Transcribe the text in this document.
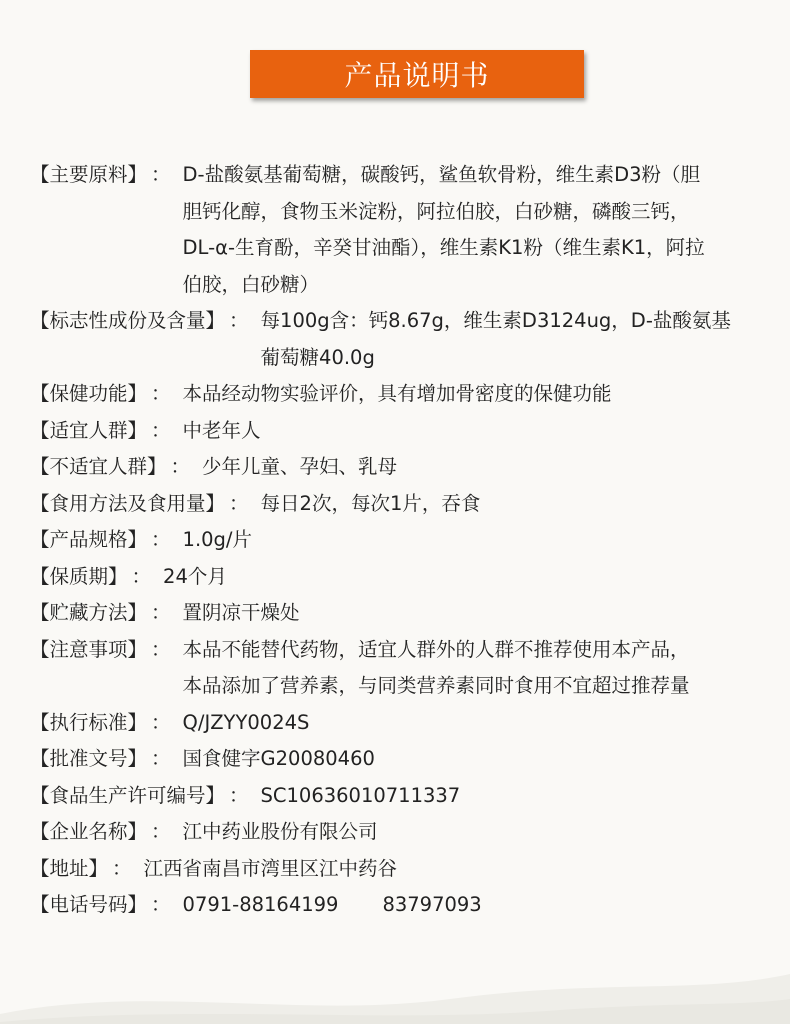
产品说明书
【主要原料】 ： D-盐酸氨基葡萄糖，碳酸钙，鲨鱼软骨粉，维生素D3粉（胆
胆钙化醇，食物玉米淀粉，阿拉伯胶，白砂糖，磷酸三钙，
DL-α-生育酚，辛癸甘油酯），维生素K1粉（维生素K1，阿拉
伯胶，白砂糖）
【标志性成份及含量】 ： 每100g含：钙8.67g，维生素D3124ug，D-盐酸氨基
葡萄糖40.0g
【保健功能】 ： 本品经动物实验评价，具有增加骨密度的保健功能
【适宜人群】 ： 中老年人
【不适宜人群】 ： 少年儿童、孕妇、乳母
【食用方法及食用量】 ： 每日2次，每次1片，吞食
【产品规格】 ： 1.0g/片
【保质期】 ： 24个月
【贮藏方法】 ： 置阴凉干燥处
【注意事项】 ： 本品不能替代药物，适宜人群外的人群不推荐使用本产品，
本品添加了营养素，与同类营养素同时食用不宜超过推荐量
【执行标准】 ： Q/JZYY0024S
【批准文号】 ： 国食健字G20080460
【食品生产许可编号】 ： SC10636010711337
【企业名称】 ： 江中药业股份有限公司
【地址】 ： 江西省南昌市湾里区江中药谷
【电话号码】 ： 0791-88164199 83797093
